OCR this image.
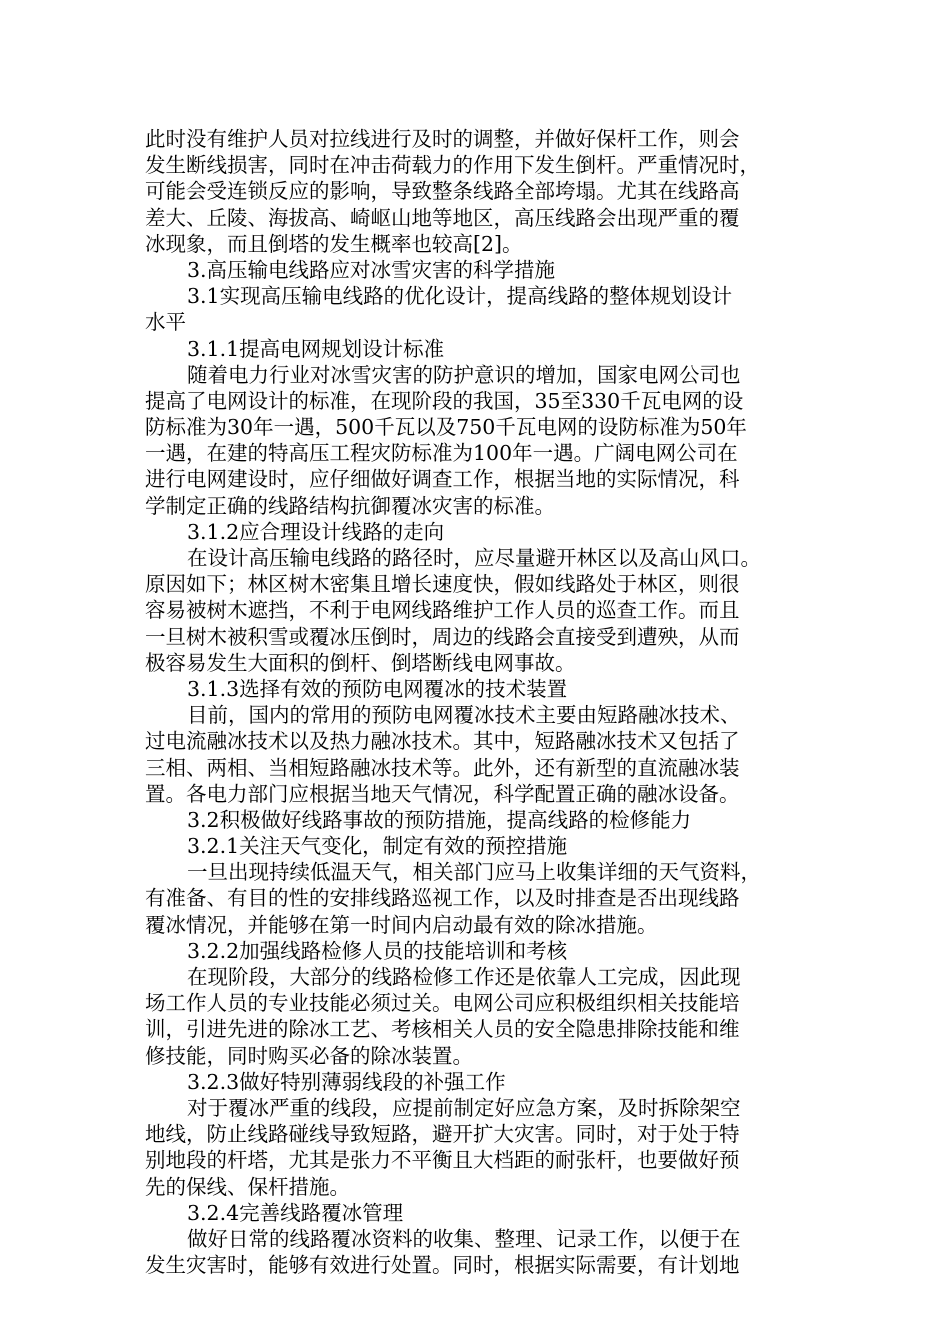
此时没有维护人员对拉线进行及时的调整，并做好保杆工作，则会
发生断线损害，同时在冲击荷载力的作用下发生倒杆。严重情况时，
可能会受连锁反应的影响，导致整条线路全部垮塌。尤其在线路高
差大、丘陵、海拔高、崎岖山地等地区，高压线路会出现严重的覆
冰现象，而且倒塔的发生概率也较高[2]。
3.高压输电线路应对冰雪灾害的科学措施
3.1实现高压输电线路的优化设计，提高线路的整体规划设计
水平
3.1.1提高电网规划设计标准
随着电力行业对冰雪灾害的防护意识的增加，国家电网公司也
提高了电网设计的标准，在现阶段的我国，35至330千瓦电网的设
防标准为30年一遇，500千瓦以及750千瓦电网的设防标准为50年
一遇，在建的特高压工程灾防标准为100年一遇。广阔电网公司在
进行电网建设时，应仔细做好调查工作，根据当地的实际情况，科
学制定正确的线路结构抗御覆冰灾害的标准。
3.1.2应合理设计线路的走向
在设计高压输电线路的路径时，应尽量避开林区以及高山风口。
原因如下；林区树木密集且增长速度快，假如线路处于林区，则很
容易被树木遮挡，不利于电网线路维护工作人员的巡查工作。而且
一旦树木被积雪或覆冰压倒时，周边的线路会直接受到遭殃，从而
极容易发生大面积的倒杆、倒塔断线电网事故。
3.1.3选择有效的预防电网覆冰的技术装置
目前，国内的常用的预防电网覆冰技术主要由短路融冰技术、
过电流融冰技术以及热力融冰技术。其中，短路融冰技术又包括了
三相、两相、当相短路融冰技术等。此外，还有新型的直流融冰装
置。各电力部门应根据当地天气情况，科学配置正确的融冰设备。
3.2积极做好线路事故的预防措施，提高线路的检修能力
3.2.1关注天气变化，制定有效的预控措施
一旦出现持续低温天气，相关部门应马上收集详细的天气资料，
有准备、有目的性的安排线路巡视工作，以及时排查是否出现线路
覆冰情况，并能够在第一时间内启动最有效的除冰措施。
3.2.2加强线路检修人员的技能培训和考核
在现阶段，大部分的线路检修工作还是依靠人工完成，因此现
场工作人员的专业技能必须过关。电网公司应积极组织相关技能培
训，引进先进的除冰工艺、考核相关人员的安全隐患排除技能和维
修技能，同时购买必备的除冰装置。
3.2.3做好特别薄弱线段的补强工作
对于覆冰严重的线段，应提前制定好应急方案，及时拆除架空
地线，防止线路碰线导致短路，避开扩大灾害。同时，对于处于特
别地段的杆塔，尤其是张力不平衡且大档距的耐张杆，也要做好预
先的保线、保杆措施。
3.2.4完善线路覆冰管理
做好日常的线路覆冰资料的收集、整理、记录工作，以便于在
发生灾害时，能够有效进行处置。同时，根据实际需要，有计划地
